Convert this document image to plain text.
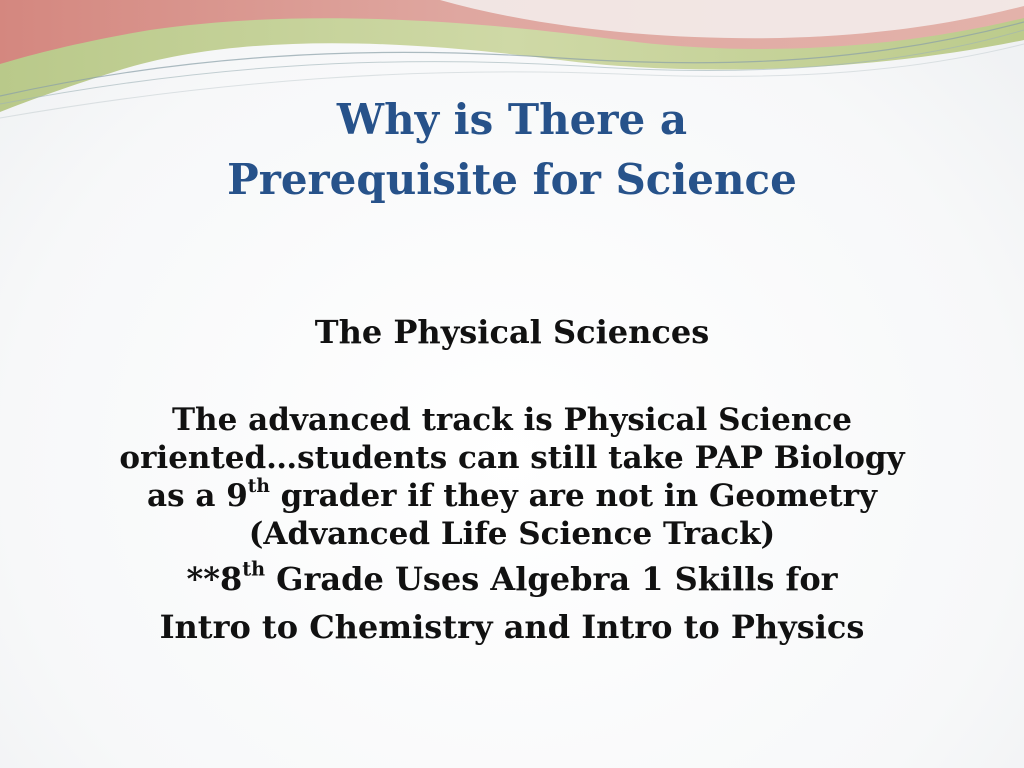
Why is There a
Prerequisite for Science

The Physical Sciences

The advanced track is Physical Science
oriented…students can still take PAP Biology
as a 9th grader if they are not in Geometry
(Advanced Life Science Track)

**8th Grade Uses Algebra 1 Skills for

Intro to Chemistry and Intro to Physics
